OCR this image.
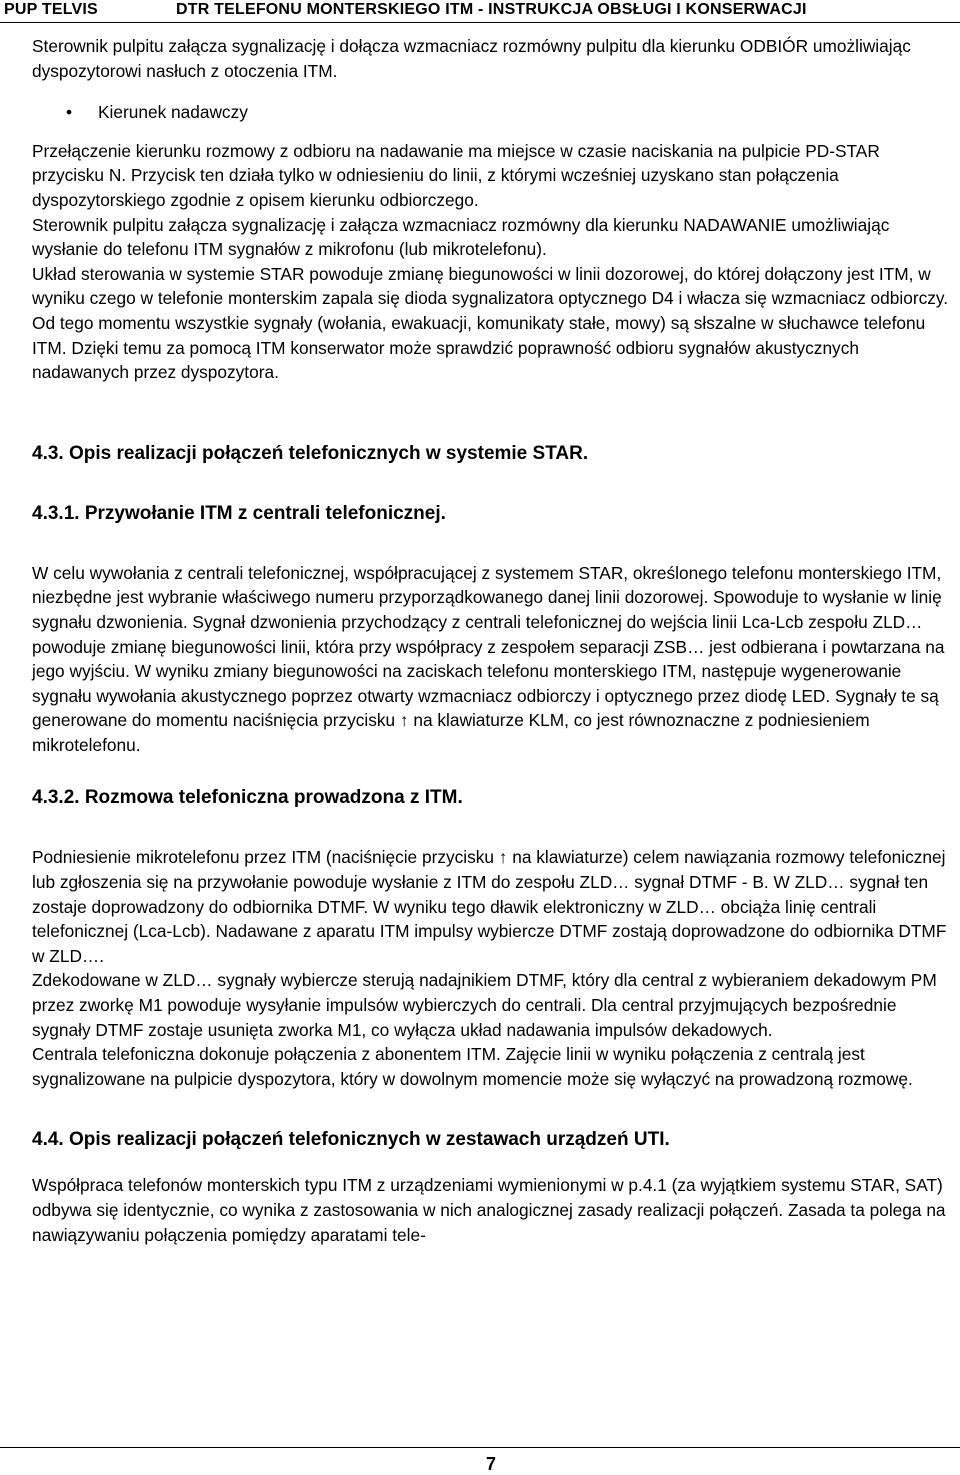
PUP TELVIS	DTR TELEFONU MONTERSKIEGO ITM - INSTRUKCJA OBSŁUGI I KONSERWACJI

Sterownik pulpitu załącza sygnalizację i dołącza wzmacniacz rozmówny pulpitu dla kierunku ODBIÓR umożliwiając dyspozytorowi nasłuch z otoczenia ITM.

• Kierunek nadawczy

Przełączenie kierunku rozmowy z odbioru na nadawanie ma miejsce w czasie naciskania na pulpicie PD-STAR przycisku N. Przycisk ten działa tylko w odniesieniu do linii, z którymi wcześniej uzyskano stan połączenia dyspozytorskiego zgodnie z opisem kierunku odbiorczego.

Sterownik pulpitu załącza sygnalizację i załącza wzmacniacz rozmówny dla kierunku NADAWANIE umożliwiając wysłanie do telefonu ITM sygnałów z mikrofonu (lub mikrotelefonu).

Układ sterowania w systemie STAR powoduje zmianę biegunowości w linii dozorowej, do której dołączony jest ITM, w wyniku czego w telefonie monterskim zapala się dioda sygnalizatora optycznego D4 i włacza się wzmacniacz odbiorczy. Od tego momentu wszystkie sygnały (wołania, ewakuacji, komunikaty stałe, mowy) są słszalne w słuchawce telefonu ITM. Dzięki temu za pomocą ITM konserwator może sprawdzić poprawność odbioru sygnałów akustycznych nadawanych przez dyspozytora.

4.3. Opis realizacji połączeń telefonicznych w systemie STAR.
4.3.1. Przywołanie ITM z centrali telefonicznej.

W celu wywołania z centrali telefonicznej, współpracującej z systemem STAR, określonego telefonu monterskiego ITM, niezbędne jest wybranie właściwego numeru przyporządkowanego danej linii dozorowej. Spowoduje to wysłanie w linię sygnału dzwonienia. Sygnał dzwonienia przychodzący z centrali telefonicznej do wejścia linii Lca-Lcb zespołu ZLD… powoduje zmianę biegunowości linii, która przy współpracy z zespołem separacji ZSB… jest odbierana i powtarzana na jego wyjściu. W wyniku zmiany biegunowości na zaciskach telefonu monterskiego ITM, następuje wygenerowanie sygnału wywołania akustycznego poprzez otwarty wzmacniacz odbiorczy i optycznego przez diodę LED. Sygnały te są generowane do momentu naciśnięcia przycisku ↑ na klawiaturze KLM, co jest równoznaczne z podniesieniem mikrotelefonu.

4.3.2. Rozmowa telefoniczna prowadzona z ITM.

Podniesienie mikrotelefonu przez ITM (naciśnięcie przycisku ↑ na klawiaturze) celem nawiązania rozmowy telefonicznej lub zgłoszenia się na przywołanie powoduje wysłanie z ITM do zespołu ZLD… sygnał DTMF - B. W ZLD… sygnał ten zostaje doprowadzony do odbiornika DTMF. W wyniku tego dławik elektroniczny w ZLD… obciąża linię centrali telefonicznej (Lca-Lcb). Nadawane z aparatu ITM impulsy wybiercze DTMF zostają doprowadzone do odbiornika DTMF w ZLD….

Zdekodowane w ZLD… sygnały wybiercze sterują nadajnikiem DTMF, który dla central z wybieraniem dekadowym PM przez zworkę M1 powoduje wysyłanie impulsów wybierczych do centrali. Dla central przyjmujących bezpośrednie sygnały DTMF zostaje usunięta zworka M1, co wyłącza układ nadawania impulsów dekadowych.

Centrala telefoniczna dokonuje połączenia z abonentem ITM. Zajęcie linii w wyniku połączenia z centralą jest sygnalizowane na pulpicie dyspozytora, który w dowolnym momencie może się wyłączyć na prowadzoną rozmowę.

4.4. Opis realizacji połączeń telefonicznych w zestawach urządzeń UTI.

Współpraca telefonów monterskich typu ITM z urządzeniami wymienionymi w p.4.1 (za wyjątkiem systemu STAR, SAT) odbywa się identycznie, co wynika z zastosowania w nich analogicznej zasady realizacji połączeń. Zasada ta polega na nawiązywaniu połączenia pomiędzy aparatami tele-

7
